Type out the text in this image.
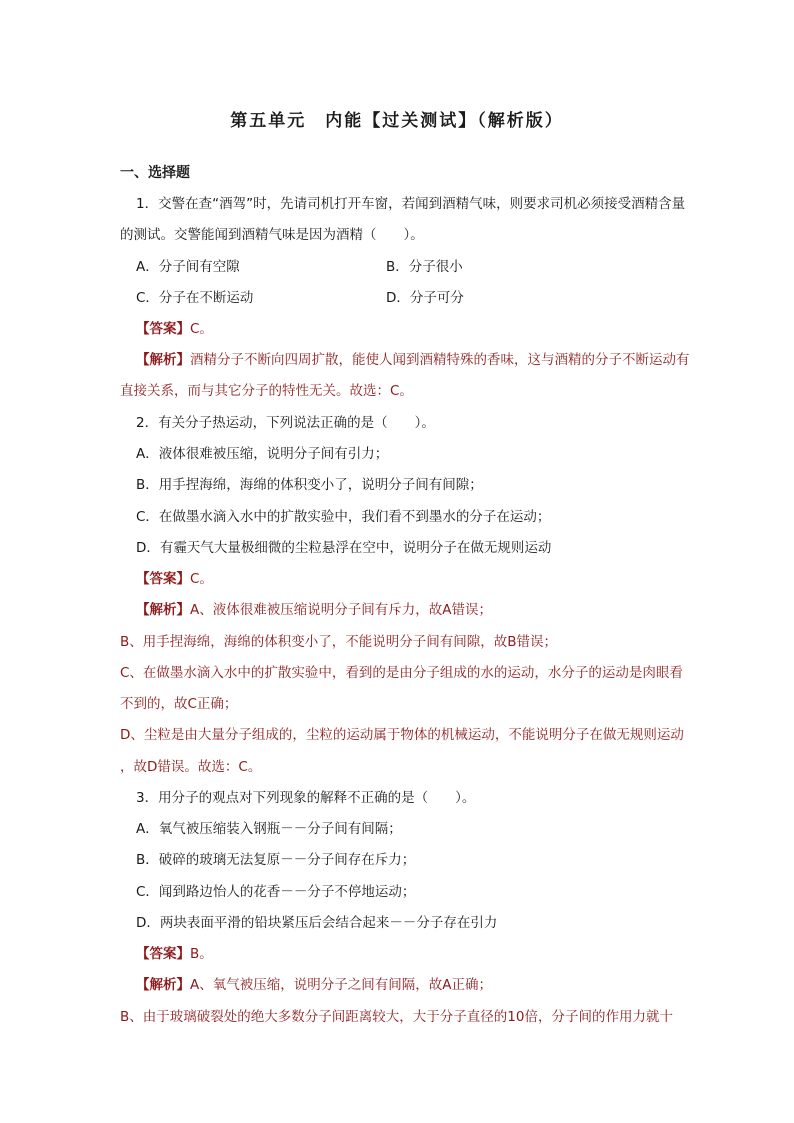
第五单元　内能【过关测试】（解析版）
一、选择题
1．交警在查“酒驾”时，先请司机打开车窗，若闻到酒精气味，则要求司机必须接受酒精含量
的测试。交警能闻到酒精气味是因为酒精（　　）。
A．分子间有空隙	B．分子很小
C．分子在不断运动	D．分子可分
【答案】C。
【解析】酒精分子不断向四周扩散，能使人闻到酒精特殊的香味，这与酒精的分子不断运动有
直接关系，而与其它分子的特性无关。故选：C。
2．有关分子热运动，下列说法正确的是（　　）。
A．液体很难被压缩，说明分子间有引力；
B．用手捏海绵，海绵的体积变小了，说明分子间有间隙；
C．在做墨水滴入水中的扩散实验中，我们看不到墨水的分子在运动；
D．有霾天气大量极细微的尘粒悬浮在空中，说明分子在做无规则运动
【答案】C。
【解析】A、液体很难被压缩说明分子间有斥力，故A错误；
B、用手捏海绵，海绵的体积变小了，不能说明分子间有间隙，故B错误；
C、在做墨水滴入水中的扩散实验中，看到的是由分子组成的水的运动，水分子的运动是肉眼看
不到的，故C正确；
D、尘粒是由大量分子组成的，尘粒的运动属于物体的机械运动，不能说明分子在做无规则运动
，故D错误。故选：C。
3．用分子的观点对下列现象的解释不正确的是（　　）。
A．氧气被压缩装入钢瓶－－分子间有间隔；
B．破碎的玻璃无法复原－－分子间存在斥力；
C．闻到路边怡人的花香－－分子不停地运动；
D．两块表面平滑的铅块紧压后会结合起来－－分子存在引力
【答案】B。
【解析】A、氧气被压缩，说明分子之间有间隔，故A正确；
B、由于玻璃破裂处的绝大多数分子间距离较大，大于分子直径的10倍，分子间的作用力就十
